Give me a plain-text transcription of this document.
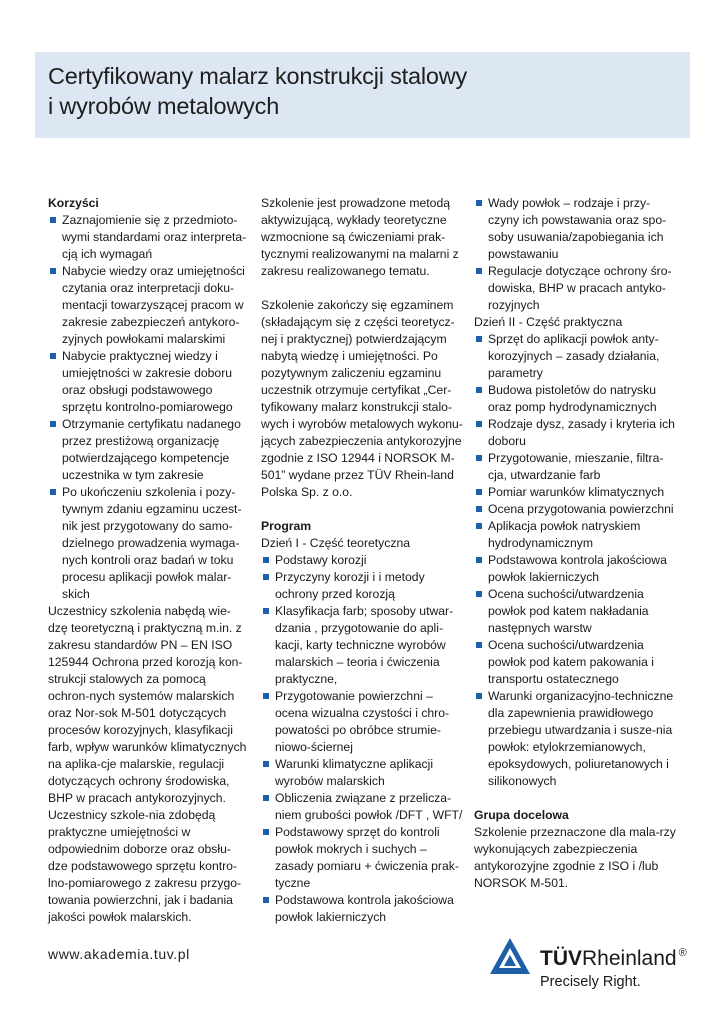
Certyfikowany malarz konstrukcji stalowy
i wyrobów metalowych

Korzyści

Zaznajomienie się z przedmioto-wymi standardami oraz interpreta-cją ich wymagań
Nabycie wiedzy oraz umiejętności czytania oraz interpretacji doku-mentacji towarzyszącej pracom w zakresie zabezpieczeń antykoro-zyjnych powłokami malarskimi
Nabycie praktycznej wiedzy i umiejętności w zakresie doboru oraz obsługi podstawowego sprzętu kontrolno-pomiarowego
Otrzymanie certyfikatu nadanego przez prestiżową organizację potwierdzającego kompetencje uczestnika w tym zakresie
Po ukończeniu szkolenia i pozy-tywnym zdaniu egzaminu uczest-nik jest przygotowany do samo-dzielnego prowadzenia wymaga-nych kontroli oraz badań w toku procesu aplikacji powłok malar-skich

Uczestnicy szkolenia nabędą wie-dzę teoretyczną i praktyczną m.in. z zakresu standardów PN – EN ISO 125944 Ochrona przed korozją kon-strukcji stalowych za pomocą ochron-nych systemów malarskich oraz Nor-sok M-501 dotyczących procesów korozyjnych, klasyfikacji farb, wpływ warunków klimatycznych na aplika-cje malarskie, regulacji dotyczących ochrony środowiska, BHP w pracach antykorozyjnych. Uczestnicy szkole-nia zdobędą praktyczne umiejętności w odpowiednim doborze oraz obsłu-dze podstawowego sprzętu kontro-lno-pomiarowego z zakresu przygo-towania powierzchni, jak i badania jakości powłok malarskich.

Szkolenie jest prowadzone metodą aktywizującą, wykłady teoretyczne wzmocnione są ćwiczeniami prak-tycznymi realizowanymi na malarni z zakresu realizowanego tematu.

Szkolenie zakończy się egzaminem (składającym się z części teoretycz-nej i praktycznej) potwierdzającym nabytą wiedzę i umiejętności. Po pozytywnym zaliczeniu egzaminu uczestnik otrzymuje certyfikat „Cer-tyfikowany malarz konstrukcji stalo-wych i wyrobów metalowych wykonu-jących zabezpieczenia antykorozyjne zgodnie z ISO 12944 i NORSOK M-501” wydane przez TÜV Rhein-land Polska Sp. z o.o.

Program

Dzień I - Część teoretyczna

Podstawy korozji
Przyczyny korozji i i metody ochrony przed korozją
Klasyfikacja farb; sposoby utwar-dzania , przygotowanie do apli-kacji, karty techniczne wyrobów malarskich – teoria i ćwiczenia praktyczne,
Przygotowanie powierzchni – ocena wizualna czystości i chro-powatości po obróbce strumie-niowo-ściernej
Warunki klimatyczne aplikacji wyrobów malarskich
Obliczenia związane z przelicza-niem grubości powłok /DFT , WFT/
Podstawowy sprzęt do kontroli powłok mokrych i suchych – zasady pomiaru + ćwiczenia prak-tyczne
Podstawowa kontrola jakościowa powłok lakierniczych
Wady powłok – rodzaje i przy-czyny ich powstawania oraz spo-soby usuwania/zapobiegania ich powstawaniu
Regulacje dotyczące ochrony śro-dowiska, BHP w pracach antyko-rozyjnych

Dzień II - Część praktyczna

Sprzęt do aplikacji powłok anty-korozyjnych – zasady działania, parametry
Budowa pistoletów do natrysku oraz pomp hydrodynamicznych
Rodzaje dysz, zasady i kryteria ich doboru
Przygotowanie, mieszanie, filtra-cja, utwardzanie farb
Pomiar warunków klimatycznych
Ocena przygotowania powierzchni
Aplikacja powłok natryskiem hydrodynamicznym
Podstawowa kontrola jakościowa powłok lakierniczych
Ocena suchości/utwardzenia powłok pod katem nakładania następnych warstw
Ocena suchości/utwardzenia powłok pod katem pakowania i transportu ostatecznego
Warunki organizacyjno-techniczne dla zapewnienia prawidłowego przebiegu utwardzania i susze-nia powłok: etylokrzemianowych, epoksydowych, poliuretanowych i silikonowych

Grupa docelowa

Szkolenie przeznaczone dla mala-rzy wykonujących zabezpieczenia antykorozyjne zgodnie z ISO i /lub NORSOK M-501.

www.akademia.tuv.pl	TÜVRheinland ®
Precisely Right.
